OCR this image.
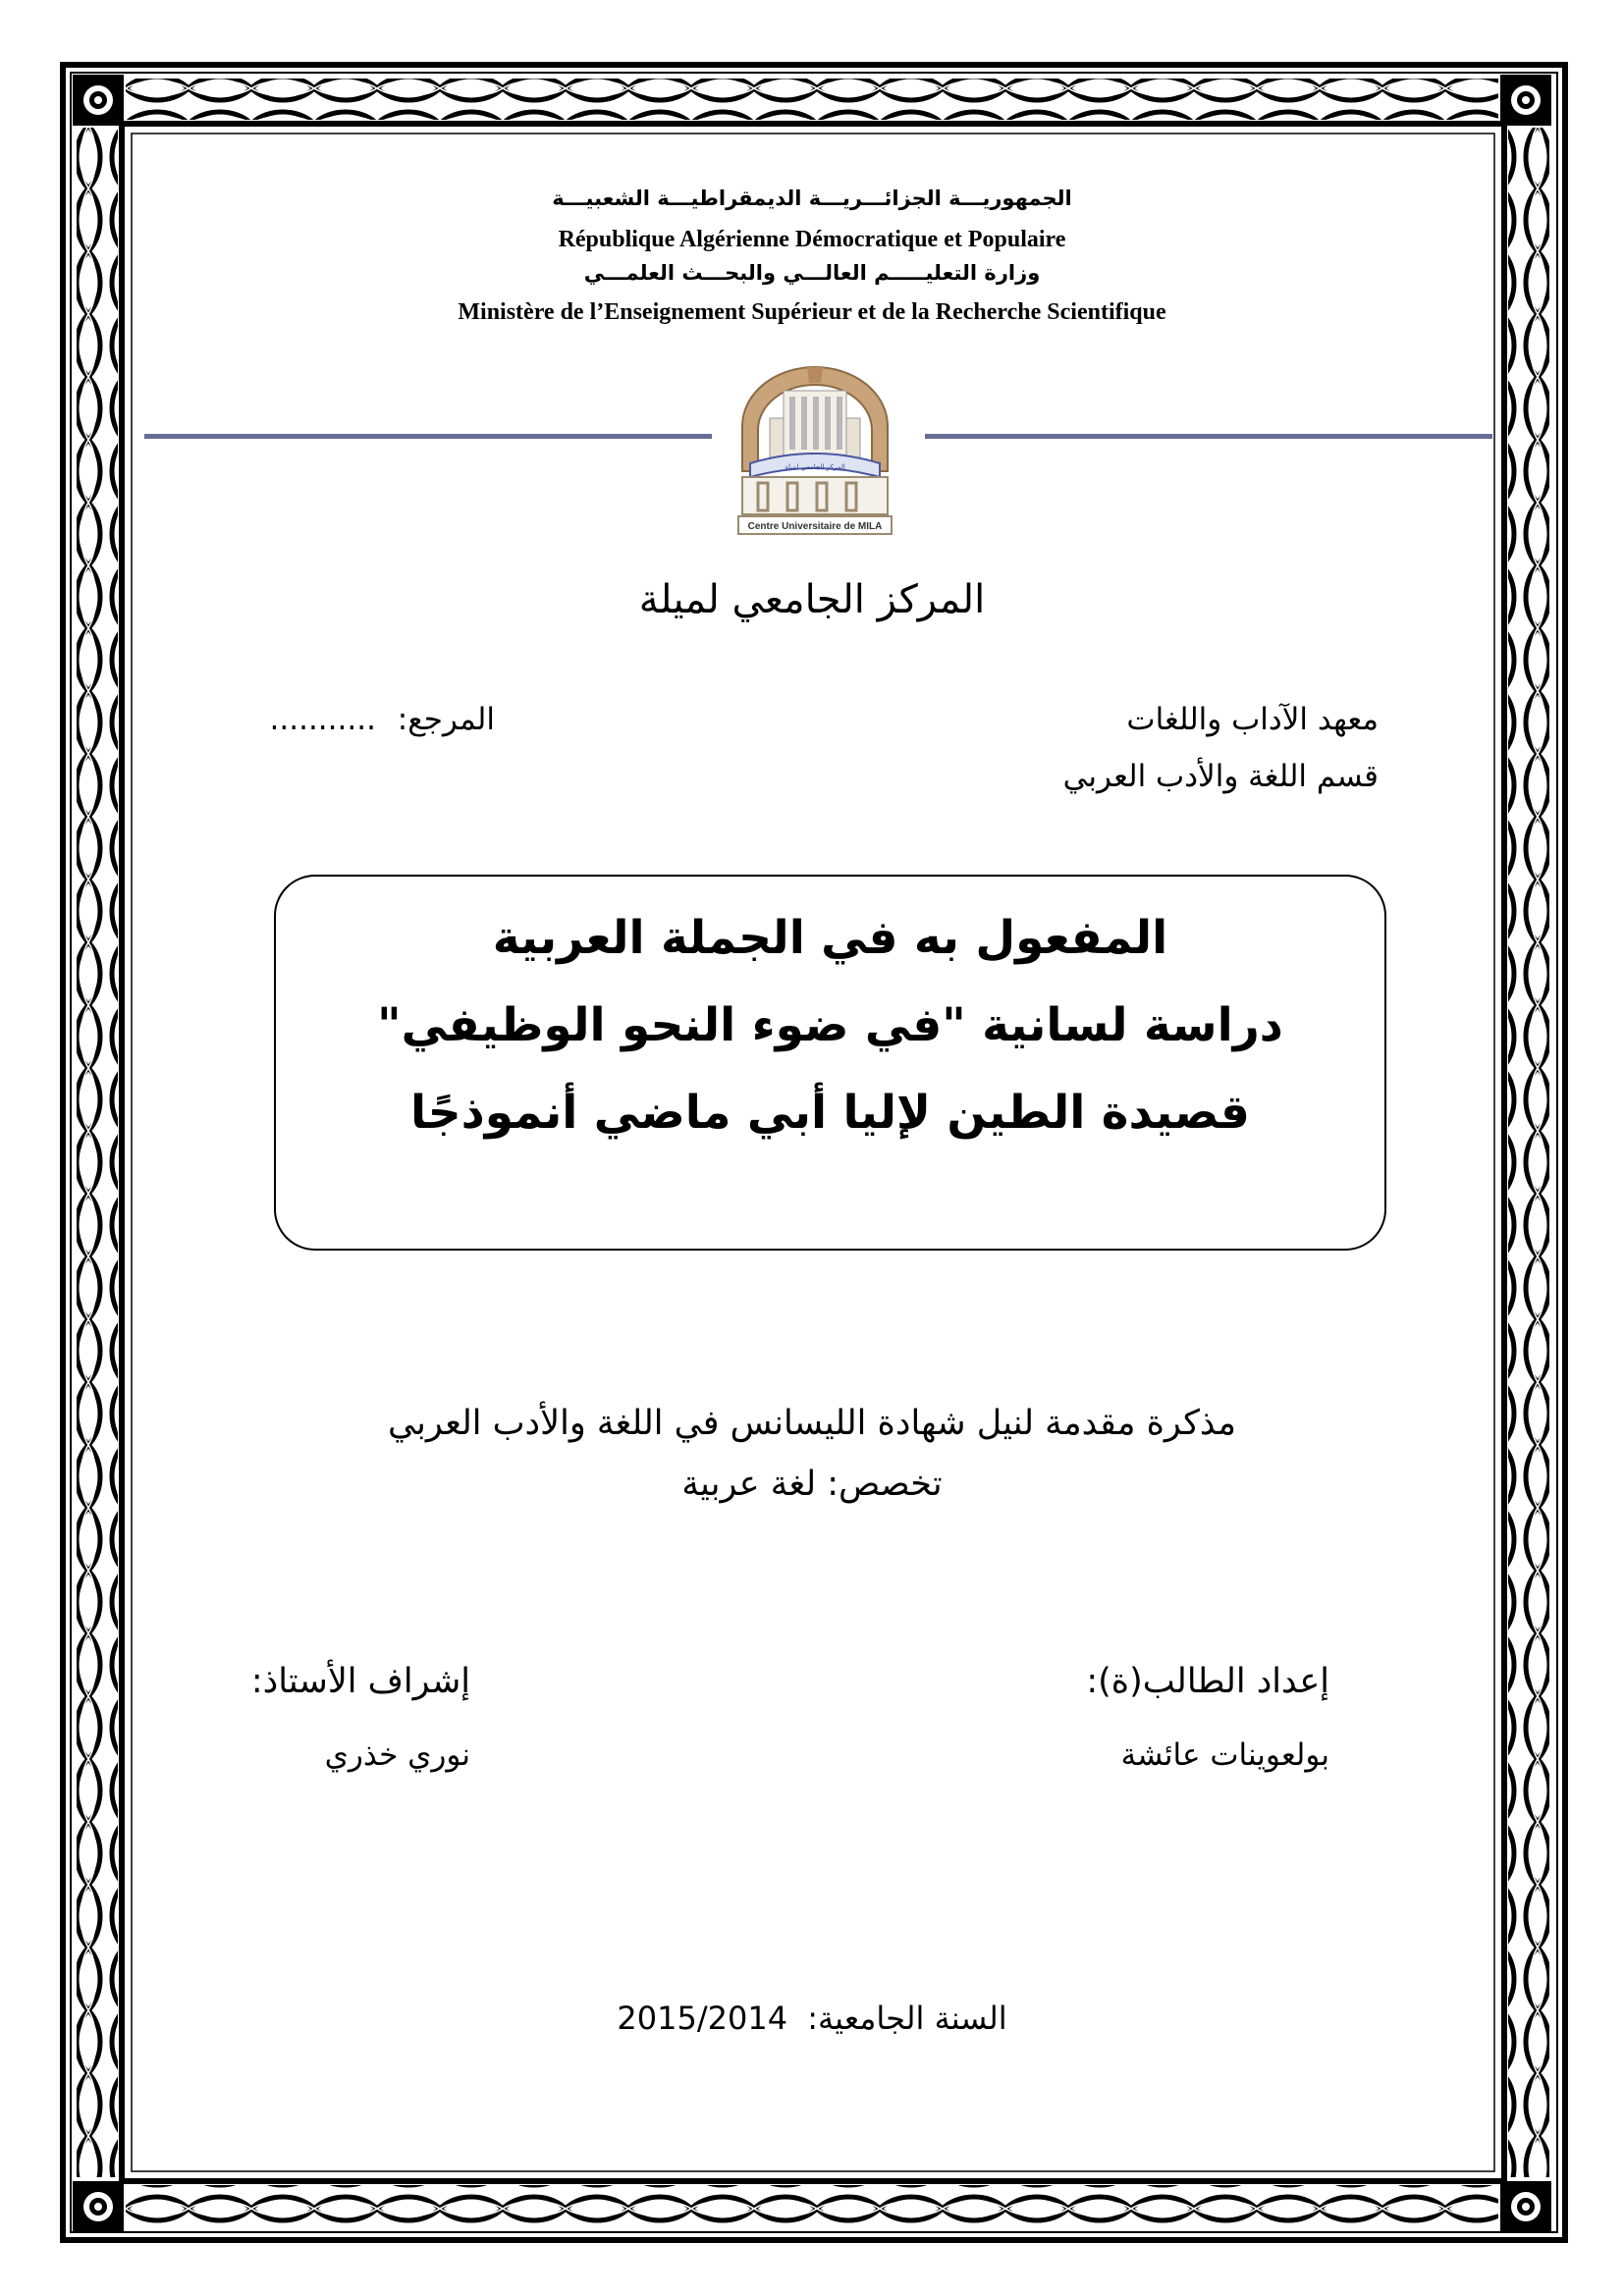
الجمهوريـــة الجزائـــريـــة الديمقراطيـــة الشعبيـــة
République Algérienne Démocratique et Populaire
وزارة التعليـــــم العالـــي والبحـــث العلمـــي
Ministère de l’Enseignement Supérieur et de la Recherche Scientifique
المركز الجامعي لميلة
Centre Universitaire de MILA
المركز الجامعي لميلة
معهد الآداب واللغات
قسم اللغة والأدب العربي
المرجع: ...........
المفعول به في الجملة العربية
دراسة لسانية "في ضوء النحو الوظيفي"
قصيدة الطين لإليا أبي ماضي أنموذجًا
مذكرة مقدمة لنيل شهادة الليسانس في اللغة والأدب العربي
تخصص: لغة عربية
إعداد الطالب(ة):
بولعوينات عائشة
إشراف الأستاذ:
نوري خذري
السنة الجامعية: 2015/2014
